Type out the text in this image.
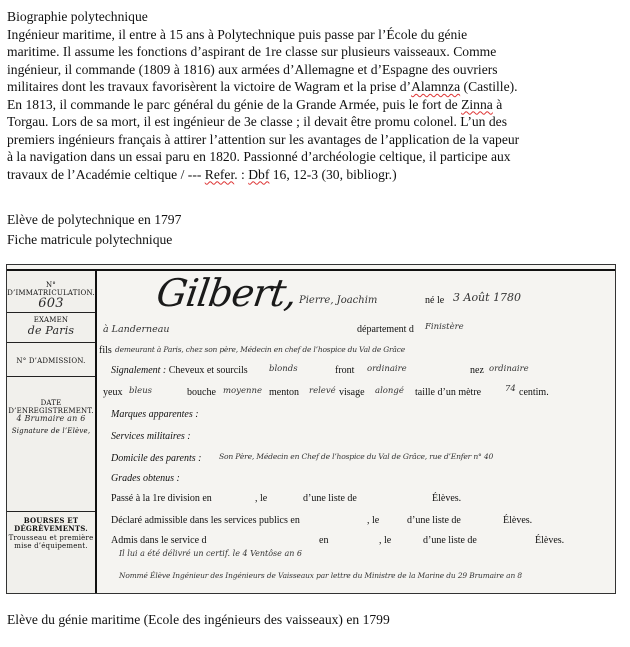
Biographie polytechnique

Ingénieur maritime, il entre à 15 ans à Polytechnique puis passe par l’École du génie

maritime. Il assume les fonctions d’aspirant de 1re classe sur plusieurs vaisseaux. Comme

ingénieur, il commande (1809 à 1816) aux armées d’Allemagne et d’Espagne des ouvriers

militaires dont les travaux favorisèrent la victoire de Wagram et la prise d’Alamnza (Castille).

En 1813, il commande le parc général du génie de la Grande Armée, puis le fort de Zinna à

Torgau. Lors de sa mort, il est ingénieur de 3e classe ; il devait être promu colonel. L’un des

premiers ingénieurs français à attirer l’attention sur les avantages de l’application de la vapeur

à la navigation dans un essai paru en 1820. Passionné d’archéologie celtique, il participe aux

travaux de l’Académie celtique / --- Refer. : Dbf 16, 12-3 (30, bibliogr.)

Elève de polytechnique en 1797
Fiche matricule polytechnique
N° D’IMMATRICULATION.
603
EXAMEN
de Paris
N° D’ADMISSION.
DATE D’ENREGISTREMENT.
4 Brumaire an 6
Signature de l’Elève,
BOURSES ET DÉGRÈVEMENTS.
Trousseau et première mise d’équipement.
Gilbert, Pierre, Joachim	né le 3 Août 1780
à Landerneau	département d Finistère
fils demeurant à Paris, chez son père, Médecin en chef de l’hospice du Val de Grâce
Signalement : Cheveux et sourcils	blonds	front ordinaire	nez ordinaire
yeux bleus	bouche moyenne menton relevé visage alongé taille d’un mètre	74 centim.
Marques apparentes :
Services militaires :
Domicile des parents : Son Père, Médecin en Chef de l’hospice du Val de Grâce, rue d’Enfer n° 40
Grades obtenus :
Passé à la 1re division en	, le	d’une liste de	Élèves.
Déclaré admissible dans les services publics en	, le	d’une liste de	Élèves.
Admis dans le service d	en	, le	d’une liste de	Élèves.
Il lui a été délivré un certif. le 4 Ventôse an 6
Nommé Élève Ingénieur des Ingénieurs de Vaisseaux par lettre du Ministre de la Marine du 29 Brumaire an 8
Elève du génie maritime (Ecole des ingénieurs des vaisseaux) en 1799
